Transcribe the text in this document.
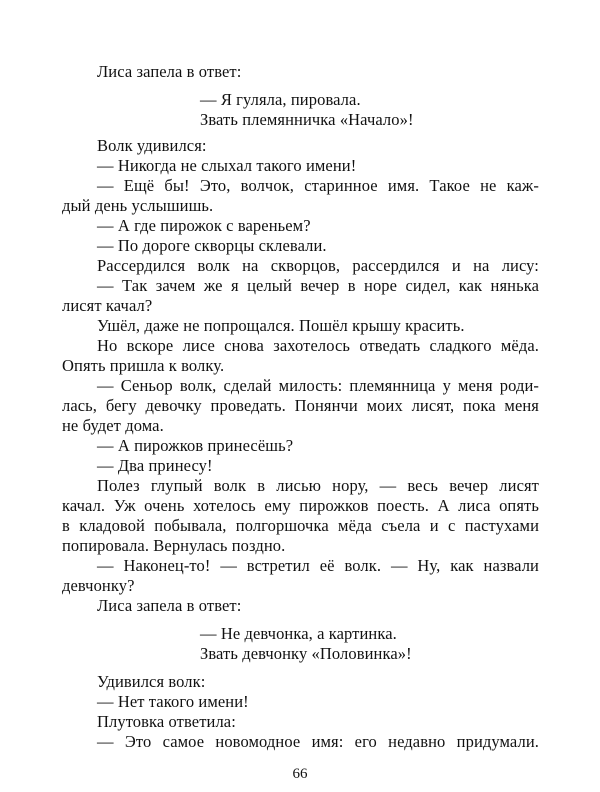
Лиса запела в ответ:
— Я гуляла, пировала.
Звать племянничка «Начало»!
Волк удивился:
— Никогда не слыхал такого имени!
— Ещё бы! Это, волчок, старинное имя. Такое не каж-
дый день услышишь.
— А где пирожок с вареньем?
— По дороге скворцы склевали.
Рассердился волк на скворцов, рассердился и на лису:
— Так зачем же я целый вечер в норе сидел, как нянька
лисят качал?
Ушёл, даже не попрощался. Пошёл крышу красить.
Но вскоре лисе снова захотелось отведать сладкого мёда.
Опять пришла к волку.
— Сеньор волк, сделай милость: племянница у меня роди-
лась, бегу девочку проведать. Понянчи моих лисят, пока меня
не будет дома.
— А пирожков принесёшь?
— Два принесу!
Полез глупый волк в лисью нору, — весь вечер лисят
качал. Уж очень хотелось ему пирожков поесть. А лиса опять
в кладовой побывала, полгоршочка мёда съела и с пастухами
попировала. Вернулась поздно.
— Наконец-то! — встретил её волк. — Ну, как назвали
девчонку?
Лиса запела в ответ:
— Не девчонка, а картинка.
Звать девчонку «Половинка»!
Удивился волк:
— Нет такого имени!
Плутовка ответила:
— Это самое новомодное имя: его недавно придумали.
66
